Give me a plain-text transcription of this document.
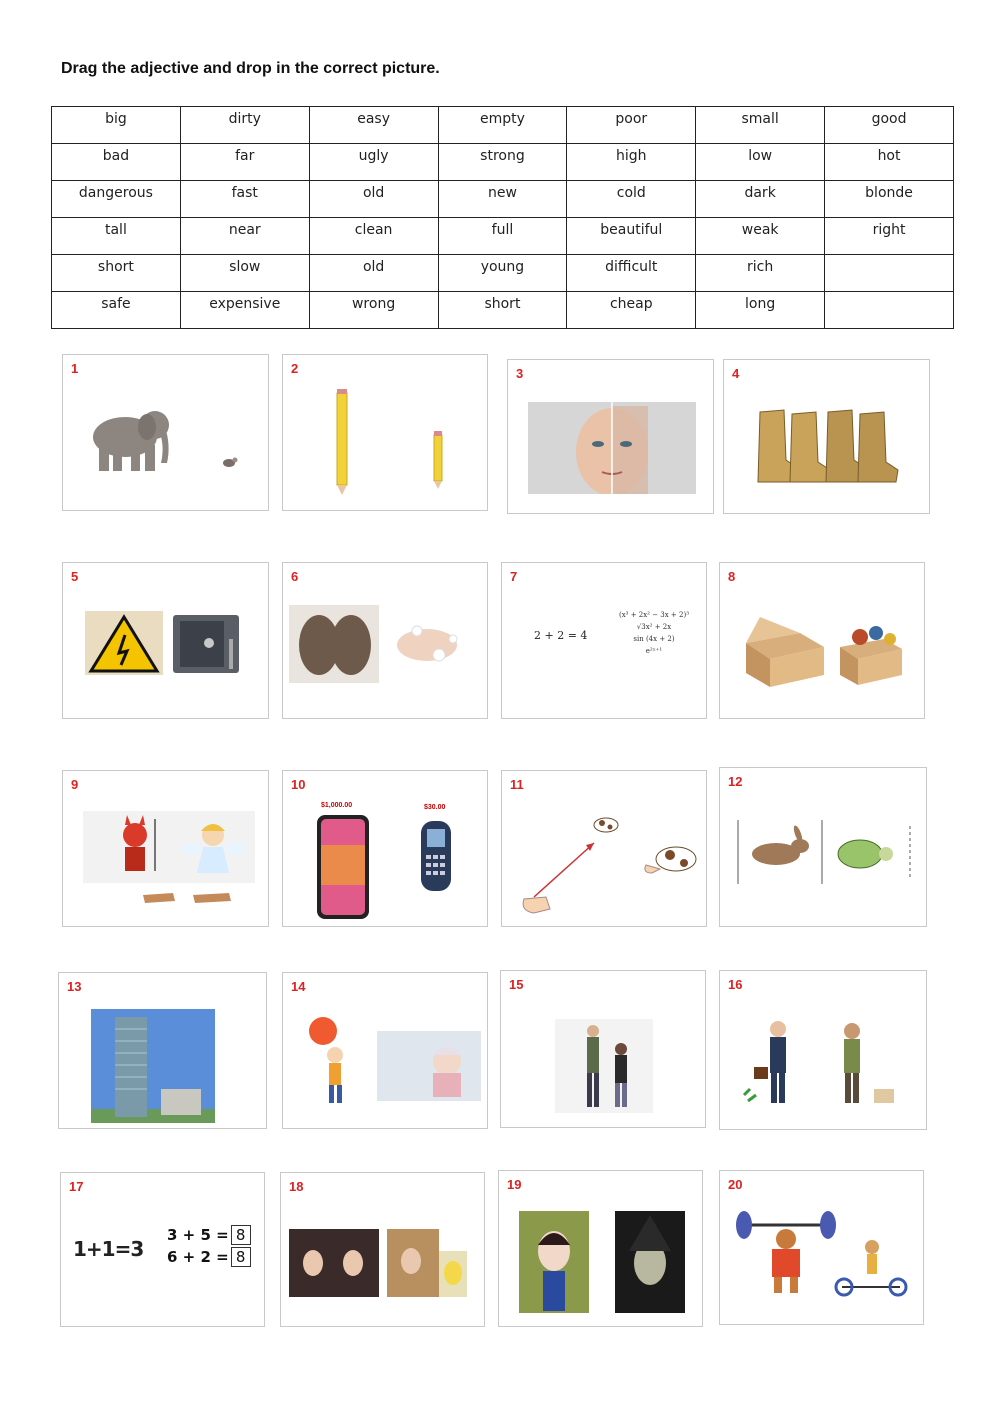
Drag the adjective and drop in the correct picture.
big	dirty	easy	empty	poor	small	good
bad	far	ugly	strong	high	low	hot
dangerous	fast	old	new	cold	dark	blonde
tall	near	clean	full	beautiful	weak	right
short	slow	old	young	difficult	rich	
safe	expensive	wrong	short	cheap	long	
1	2	3	4
5	6	7
2 + 2 = 4
(x³ + 2x² − 3x + 2)³
√3x² + 2x
sin (4x + 2)
e²ˣ⁺¹
8
9	10
$1,000.00	$30.00
11	12
13	14	15	16
17
1+1=3
3 + 5 = 8
6 + 2 = 8
18	19	20
